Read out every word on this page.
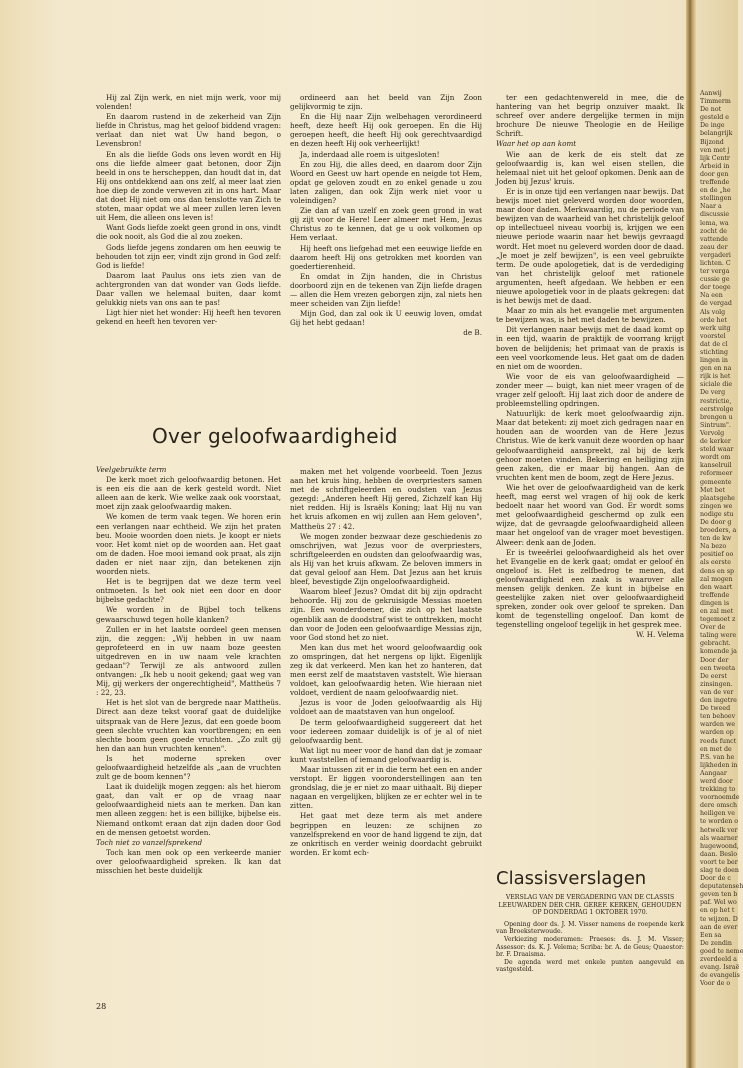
Hij zal Zijn werk, en niet mijn werk, voor mij volenden!

En daarom rustend in de zekerheid van Zijn liefde in Christus, mag het geloof biddend vragen: verlaat dan niet wat Uw hand begon, o Levensbron!

En als die liefde Gods ons leven wordt en Hij ons die liefde almeer gaat betonen, door Zijn beeld in ons te herscheppen, dan houdt dat in, dat Hij ons ontdekkend aan ons zelf, al meer laat zien hoe diep de zonde verweven zit in ons hart. Maar dat doet Hij niet om ons dan tenslotte van Zich te stoten, maar opdat we al meer zullen leren leven uit Hem, die alleen ons leven is!

Want Gods liefde zoekt geen grond in ons, vindt die ook nooit, als God die al zou zoeken.

Gods liefde jegens zondaren om hen eeuwig te behouden tot zijn eer, vindt zijn grond in God zelf: God is liefde!

Daarom laat Paulus ons iets zien van de achtergronden van dat wonder van Gods liefde. Daar vallen we helemaal buiten, daar komt gelukkig niets van ons aan te pas!

Ligt hier niet het wonder: Hij heeft hen tevoren gekend en heeft hen tevoren ver-

ordineerd aan het beeld van Zijn Zoon gelijkvormig te zijn.

En die Hij naar Zijn welbehagen verordineerd heeft, deze heeft Hij ook geroepen. En die Hij geroepen heeft, die heeft Hij ook gerechtvaardigd en dezen heeft Hij ook verheerlijkt!

Ja, inderdaad alle roem is uitgesloten!

En zou Hij, die alles deed, en daarom door Zijn Woord en Geest uw hart opende en neigde tot Hem, opdat ge geloven zoudt en zo enkel genade u zou laten zaligen, dan ook Zijn werk niet voor u voleindigen?

Zie dan af van uzelf en zoek geen grond in wat gij zijt voor de Here! Leer almeer met Hem, Jezus Christus zo te kennen, dat ge u ook volkomen op Hem verlaat.

Hij heeft ons liefgehad met een eeuwige liefde en daarom heeft Hij ons getrokken met koorden van goedertierenheid.

En omdat in Zijn handen, die in Christus doorboord zijn en de tekenen van Zijn liefde dragen — allen die Hem vrezen geborgen zijn, zal niets hen meer scheiden van Zijn liefde!

Mijn God, dan zal ook ik U eeuwig loven, omdat Gij het hebt gedaan!

de B.

Over geloofwaardigheid

Veelgebruikte term

De kerk moet zich geloofwaardig betonen. Het is een eis die aan de kerk gesteld wordt. Niet alleen aan de kerk. Wie welke zaak ook voorstaat, moet zijn zaak geloofwaardig maken.

We komen de term vaak tegen. We horen erin een verlangen naar echtheid. We zijn het praten beu. Mooie woorden doen niets. Je koopt er niets voor. Het komt niet op de woorden aan. Het gaat om de daden. Hoe mooi iemand ook praat, als zijn daden er niet naar zijn, dan betekenen zijn woorden niets.

Het is te begrijpen dat we deze term veel ontmoeten. Is het ook niet een door en door bijbelse gedachte?

We worden in de Bijbel toch telkens gewaarschuwd tegen holle klanken?

Zullen er in het laatste oordeel geen mensen zijn, die zeggen: „Wij hebben in uw naam geprofeteerd en in uw naam boze geesten uitgedreven en in uw naam vele krachten gedaan"? Terwijl ze als antwoord zullen ontvangen: „Ik heb u nooit gekend; gaat weg van Mij, gij werkers der ongerechtigheid", Mattheüs 7 : 22, 23.

Het is het slot van de bergrede naar Mattheüs. Direct aan deze tekst vooraf gaat de duidelijke uitspraak van de Here Jezus, dat een goede boom geen slechte vruchten kan voortbrengen; en een slechte boom geen goede vruchten. „Zo zult gij hen dan aan hun vruchten kennen".

Is het moderne spreken over geloofwaardigheid hetzelfde als „aan de vruchten zult ge de boom kennen"?

Laat ik duidelijk mogen zeggen: als het hierom gaat, dan valt er op de vraag naar geloofwaardigheid niets aan te merken. Dan kan men alleen zeggen: het is een billijke, bijbelse eis. Niemand ontkomt eraan dat zijn daden door God en de mensen getoetst worden.

Toch niet zo vanzelfsprekend

Toch kan men ook op een verkeerde manier over geloofwaardigheid spreken. Ik kan dat misschien het beste duidelijk

maken met het volgende voorbeeld. Toen Jezus aan het kruis hing, hebben de overpriesters samen met de schriftgeleerden en oudsten van Jezus gezegd: „Anderen heeft Hij gered, Zichzelf kan Hij niet redden. Hij is Israëls Koning; laat Hij nu van het kruis afkomen en wij zullen aan Hem geloven", Mattheüs 27 : 42.

We mogen zonder bezwaar deze geschiedenis zo omschrijven, wat Jezus voor de overpriesters, schriftgeleerden en oudsten dan geloofwaardig was, als Hij van het kruis afkwam. Ze beloven immers in dat geval geloof aan Hem. Dat Jezus aan het kruis bleef, bevestigde Zijn ongeloofwaardigheid.

Waarom bleef Jezus? Omdat dit bij zijn opdracht behoorde. Hij zou de gekruisigde Messias moeten zijn. Een wonderdoener, die zich op het laatste ogenblik aan de doodstraf wist te onttrekken, mocht dan voor de Joden een geloofwaardige Messias zijn, voor God stond het zo niet.

Men kan dus met het woord geloofwaardig ook zo omspringen, dat het nergens op lijkt. Eigenlijk zeg ik dat verkeerd. Men kan het zo hanteren, dat men eerst zelf de maatstaven vaststelt. Wie hieraan voldoet, kan geloofwaardig heten. Wie hieraan niet voldoet, verdient de naam geloofwaardig niet.

Jezus is voor de Joden geloofwaardig als Hij voldoet aan de maatstaven van hun ongeloof.

De term geloofwaardigheid suggereert dat het voor iedereen zomaar duidelijk is of je al of niet geloofwaardig bent.

Wat ligt nu meer voor de hand dan dat je zomaar kunt vaststellen of iemand geloofwaardig is.

Maar intussen zit er in die term het een en ander verstopt. Er liggen vooronderstellingen aan ten grondslag, die je er niet zo maar uithaalt. Bij dieper nagaan en vergelijken, blijken ze er echter wel in te zitten.

Het gaat met deze term als met andere begrippen en leuzen: ze schijnen zo vanzelfsprekend en voor de hand liggend te zijn, dat ze onkritisch en verder weinig doordacht gebruikt worden. Er komt ech-

ter een gedachtenwereld in mee, die de hantering van het begrip onzuiver maakt. Ik schreef over andere dergelijke termen in mijn brochure De nieuwe Theologie en de Heilige Schrift.

Waar het op aan komt

Wie aan de kerk de eis stelt dat ze geloofwaardig is, kan wel eisen stellen, die helemaal niet uit het geloof opkomen. Denk aan de Joden bij Jezus' kruis.

Er is in onze tijd een verlangen naar bewijs. Dat bewijs moet niet geleverd worden door woorden, maar door daden. Merkwaardig, nu de periode van bewijzen van de waarheid van het christelijk geloof op intellectueel niveau voorbij is, krijgen we een nieuwe periode waarin naar het bewijs gevraagd wordt. Het moet nu geleverd worden door de daad. „Je moet je zelf bewijzen", is een veel gebruikte term. De oude apologetiek, dat is de verdediging van het christelijk geloof met rationele argumenten, heeft afgedaan. We hebben er een nieuwe apologetiek voor in de plaats gekregen: dat is het bewijs met de daad.

Maar zo min als het evangelie met argumenten te bewijzen was, is het met daden te bewijzen.

Dit verlangen naar bewijs met de daad komt op in een tijd, waarin de praktijk de voorrang krijgt boven de belijdenis; het primaat van de praxis is een veel voorkomende leus. Het gaat om de daden en niet om de woorden.

Wie voor de eis van geloofwaardigheid — zonder meer — buigt, kan niet meer vragen of de vrager zelf gelooft. Hij laat zich door de andere de probleemstelling opdringen.

Natuurlijk: de kerk moet geloofwaardig zijn. Maar dat betekent: zij moet zich gedragen naar en houden aan de woorden van de Here Jezus Christus. Wie de kerk vanuit deze woorden op haar geloofwaardigheid aanspreekt, zal bij de kerk gehoor moeten vinden. Bekering en heiliging zijn geen zaken, die er maar bij hangen. Aan de vruchten kent men de boom, zegt de Here Jezus.

Wie het over de geloofwaardigheid van de kerk heeft, mag eerst wel vragen of hij ook de kerk bedoelt naar het woord van God. Er wordt soms met geloofwaardigheid geschermd op zulk een wijze, dat de gevraagde geloofwaardigheid alleen maar het ongeloof van de vrager moet bevestigen. Alweer: denk aan de Joden.

Er is tweeërlei geloofwaardigheid als het over het Evangelie en de kerk gaat; omdat er geloof én ongeloof is. Het is zelfbedrog te menen, dat geloofwaardigheid een zaak is waarover alle mensen gelijk denken. Ze kunt in bijbelse en geestelijke zaken niet over geloofwaardigheid spreken, zonder ook over geloof te spreken. Dan komt de tegenstelling ongeloof. Dan komt de tegenstelling ongeloof tegelijk in het gesprek mee.

W. H. Velema

Classisverslagen
VERSLAG VAN DE VERGADERING VAN DE CLASSIS LEEUWARDEN DER CHR. GEREF. KERKEN, GEHOUDEN OP DONDERDAG 1 OKTOBER 1970.

Opening door ds. J. M. Visser namens de roepende kerk van Broeksterwoude.

Verkiezing moderamen: Praeses: ds. J. M. Visser; Assessor: ds. K. J. Velema; Scriba: br. A. de Geus; Quaestor: br. F. Draaisma.

De agenda werd met enkele punten aangevuld en vastgesteld.

28
Aanwij
Timmerm
De not
gesteld e
De inge
belangrijk
Bijzond
ven met j
lijk Centr
Arbeid in
door gen
treffende
en de „he
stellingen
Naar a
discussie
lema, wa
zocht de
vattende
zeau der
vergaderi
lichten. C
ter verga
cussie ge
der toege
Na een
de vergad
Als volg
orde het
werk uitg
voorstel
dat de cl
stichting
lingen in
gen en na
rijk is het
siciale die
De verg
restrictie,
eerstvolge
brengen u
Sintrum".
Vervolg
de kerker
steld waar
wordt om
kanselruil
reformeer
gemeente
Met bet
plaatsgehe
zingen we
nodige stu
De door g
broeders, a
ten de kw
Na bezo
positief oo
als eerste
dens en sp
zal mogen
den waart
treffende
dingen is
en zal met
tegemoet z
Over de
taling were
gebracht.
komende ja
Door der
een tweeta
De eerst
zinsingen.
van de ver
den ingetre
De tweed
ten behoev
warden we
warden op
reeds funct
en met de
P.S. van he
lijkheden in
Aangaar
werd door
trekking to
voornoemde
dere omsch
heiligen ve
te worden o
hetwelk ver
als waarner
hugewoond,
daan. Beslo
voort te ber
slag te doen
Door de c
deputatenseh
geven ten b
paf. Wel wo
en op het t
te wijzen. D
aan de ever
Een sa
De zendin
goed te neme
zverdeeld a
evang. Israë
de evangelis
Voor de o
